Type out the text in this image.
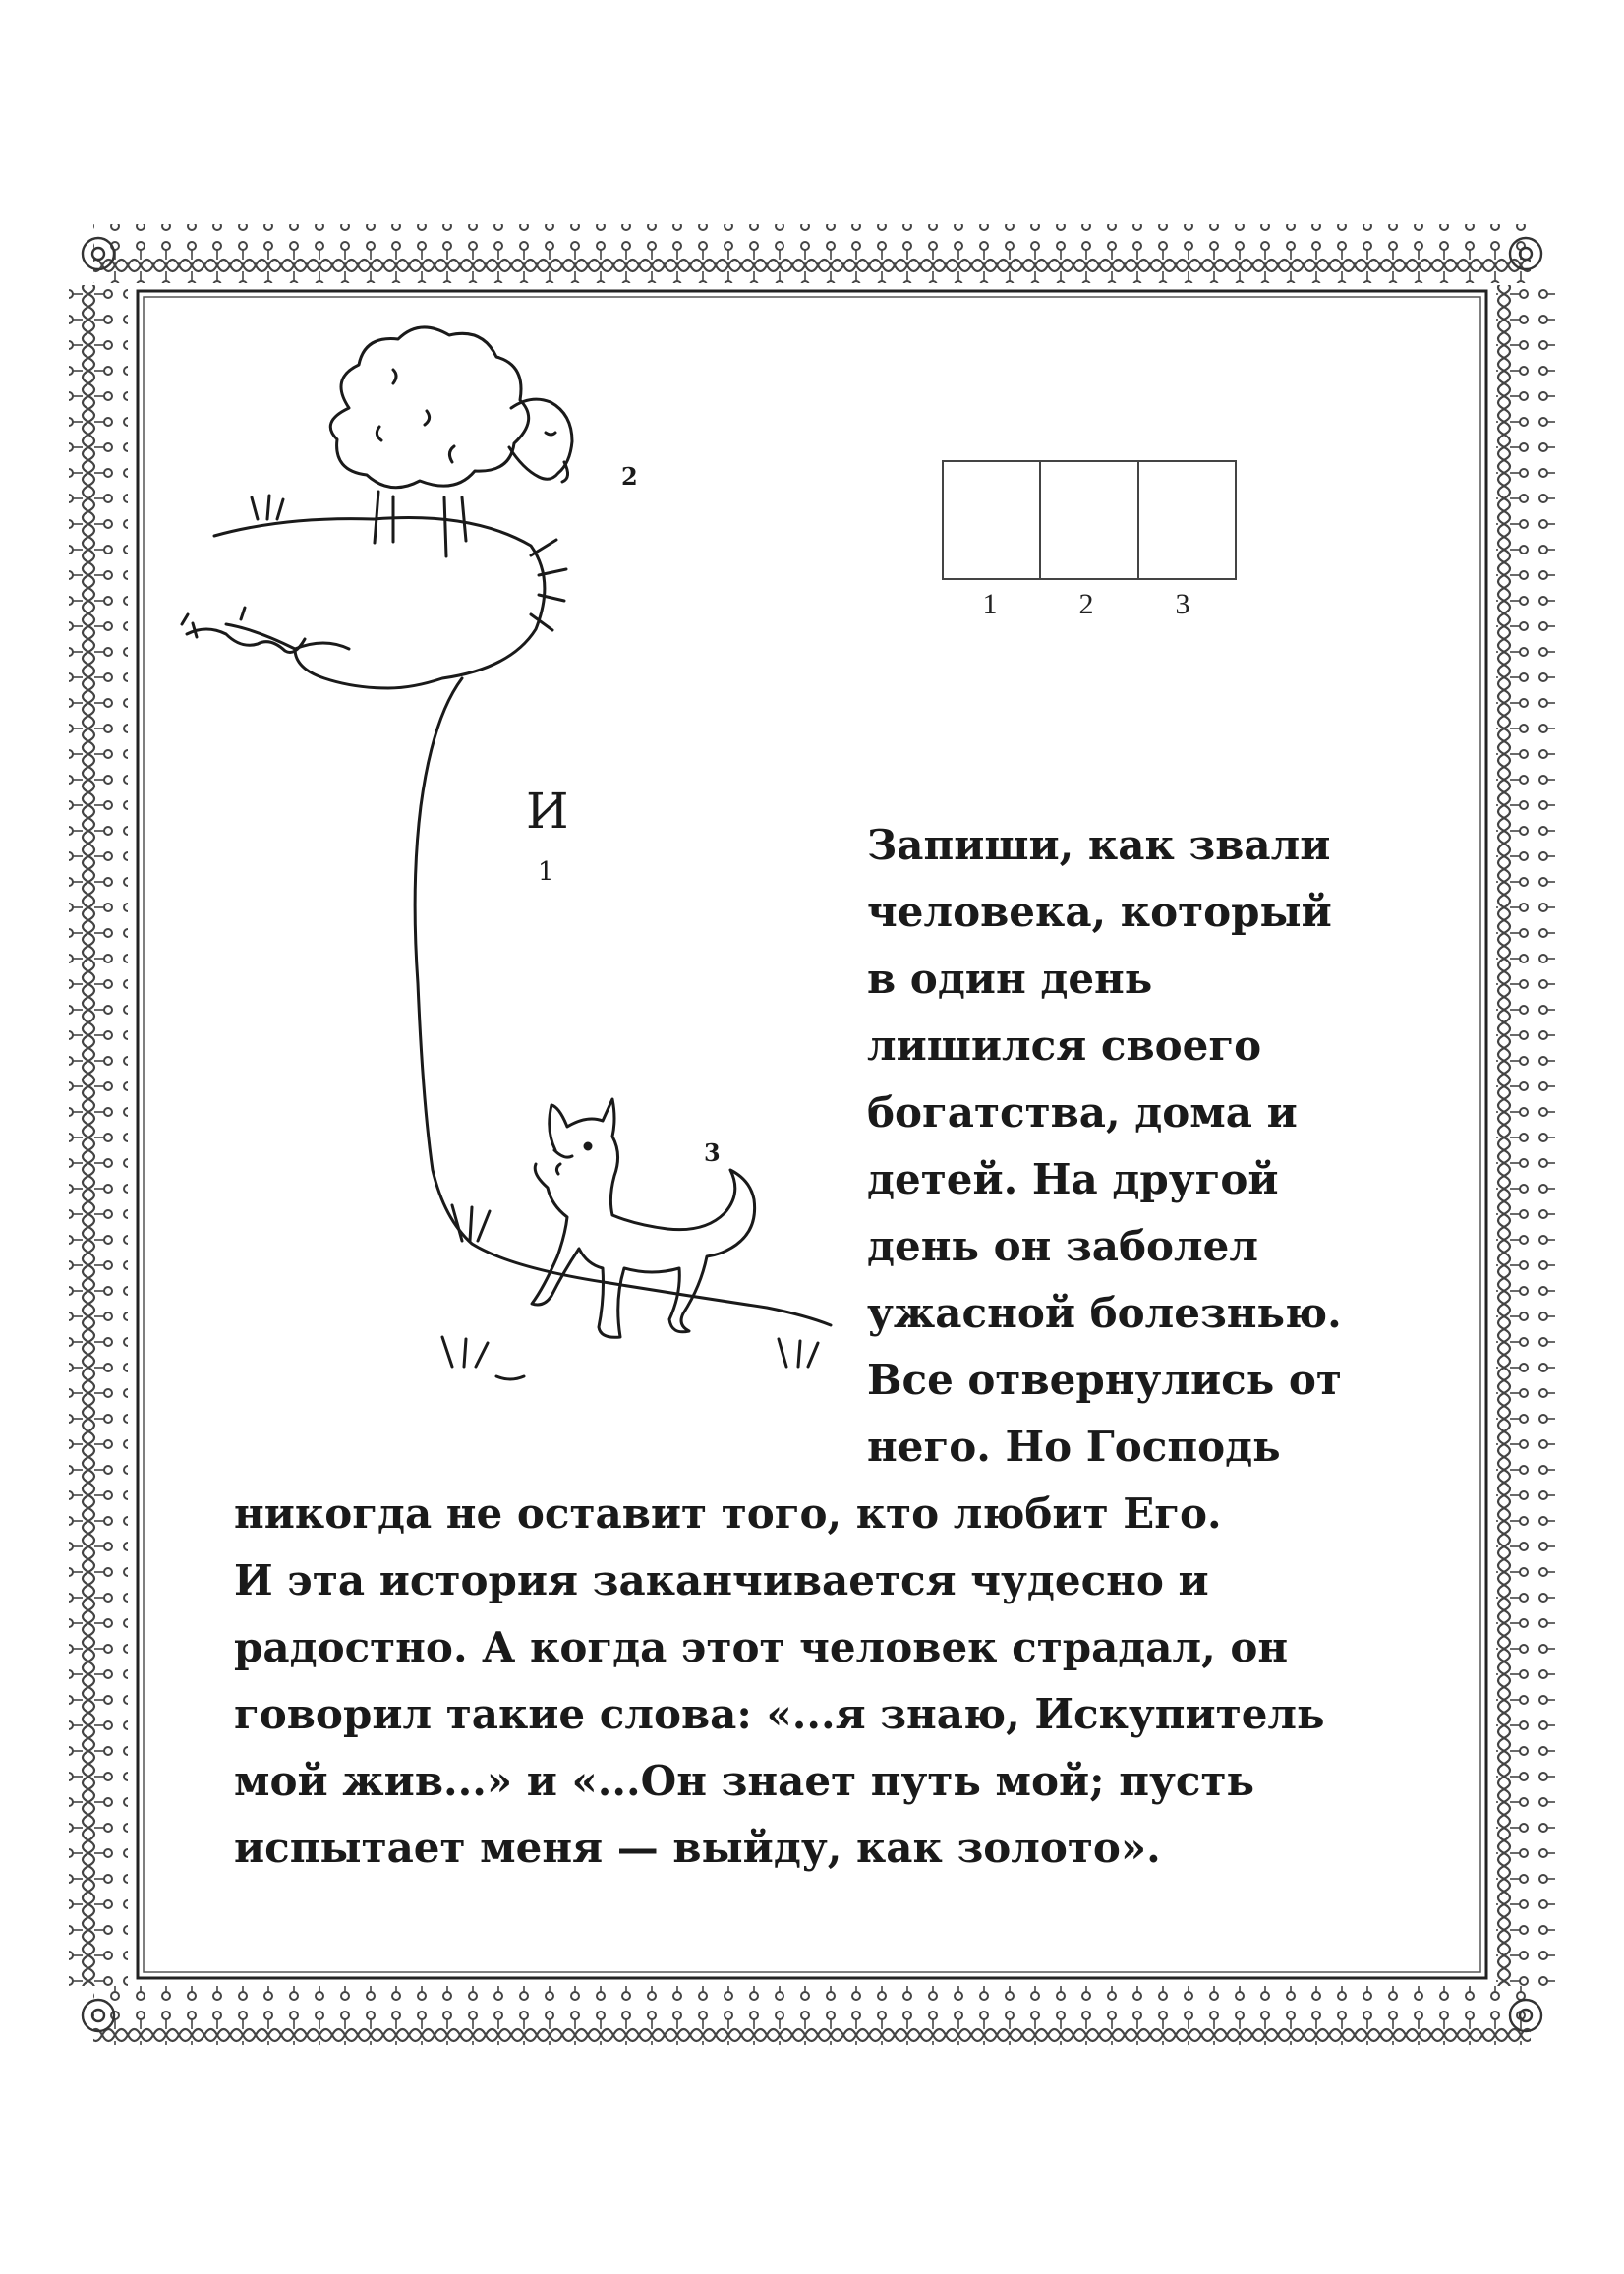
2
3
И
1
1	2	3
Запиши, как звали
человека, который
в один день
лишился своего
богатства, дома и
детей. На другой
день он заболел
ужасной болезнью.
Все отвернулись от
него. Но Господь
никогда не оставит того, кто любит Его.
И эта история заканчивается чудесно и
радостно. А когда этот человек страдал, он
говорил такие слова: «...я знаю, Искупитель
мой жив...» и «...Он знает путь мой; пусть
испытает меня — выйду, как золото».
